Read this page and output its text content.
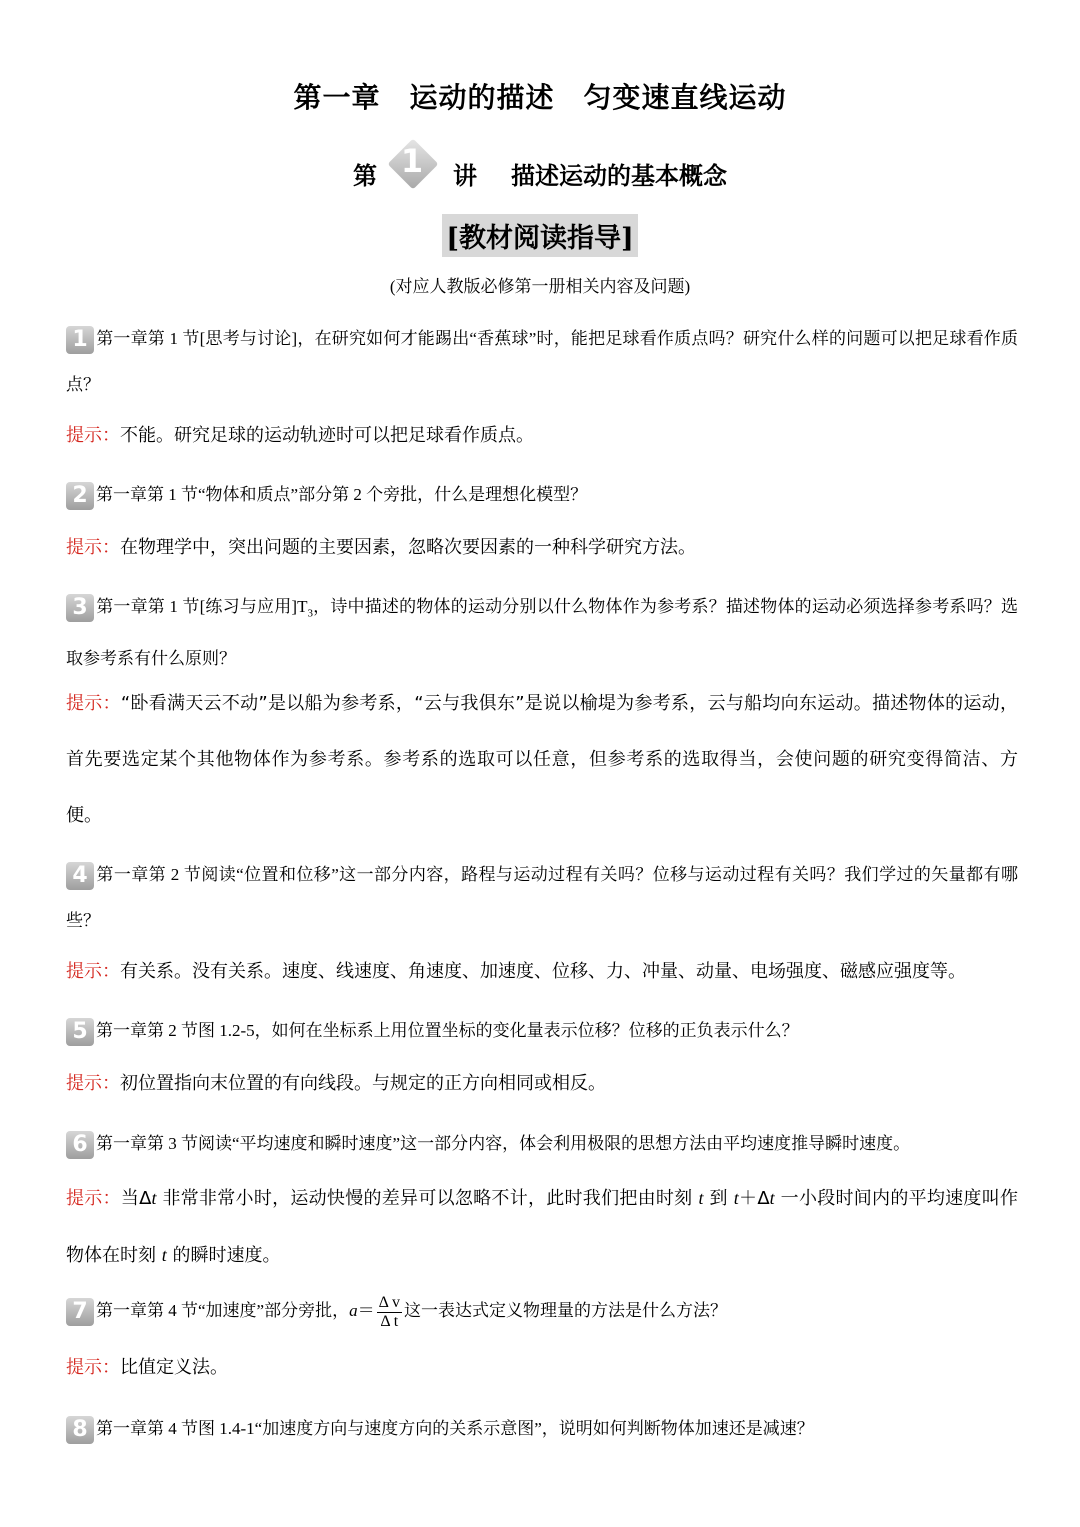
第一章　运动的描述　匀变速直线运动
第 1	讲 描述运动的基本概念
[教材阅读指导]
(对应人教版必修第一册相关内容及问题)
1 第一章第 1 节[思考与讨论]，在研究如何才能踢出“香蕉球”时，能把足球看作质点吗？研究什么样的问题可以把足球看作质点？
提示：不能。研究足球的运动轨迹时可以把足球看作质点。
2 第一章第 1 节“物体和质点”部分第 2 个旁批，什么是理想化模型？
提示：在物理学中，突出问题的主要因素，忽略次要因素的一种科学研究方法。
3 第一章第 1 节[练习与应用]$T_3$，诗中描述的物体的运动分别以什么物体作为参考系？描述物体的运动必须选择参考系吗？选取参考系有什么原则？
提示：“卧看满天云不动”是以船为参考系，“云与我俱东”是说以榆堤为参考系，云与船均向东运动。描述物体的运动，首先要选定某个其他物体作为参考系。参考系的选取可以任意，但参考系的选取得当，会使问题的研究变得简洁、方便。
4 第一章第 2 节阅读“位置和位移”这一部分内容，路程与运动过程有关吗？位移与运动过程有关吗？我们学过的矢量都有哪些？
提示：有关系。没有关系。速度、线速度、角速度、加速度、位移、力、冲量、动量、电场强度、磁感应强度等。
5 第一章第 2 节图 1.2-5，如何在坐标系上用位置坐标的变化量表示位移？位移的正负表示什么？
提示：初位置指向末位置的有向线段。与规定的正方向相同或相反。
6 第一章第 3 节阅读“平均速度和瞬时速度”这一部分内容，体会利用极限的思想方法由平均速度推导瞬时速度。
提示：当Δt 非常非常小时，运动快慢的差异可以忽略不计，此时我们把由时刻 t 到 t＋Δt 一小段时间内的平均速度叫作物体在时刻 t 的瞬时速度。
7 第一章第 4 节“加速度”部分旁批，$a= \frac{\text{Δ v}}{\text{Δ t}}$ 这一表达式定义物理量的方法是什么方法？
提示：比值定义法。
8 第一章第 4 节图 1.4-1“加速度方向与速度方向的关系示意图”，说明如何判断物体加速还是减速？
